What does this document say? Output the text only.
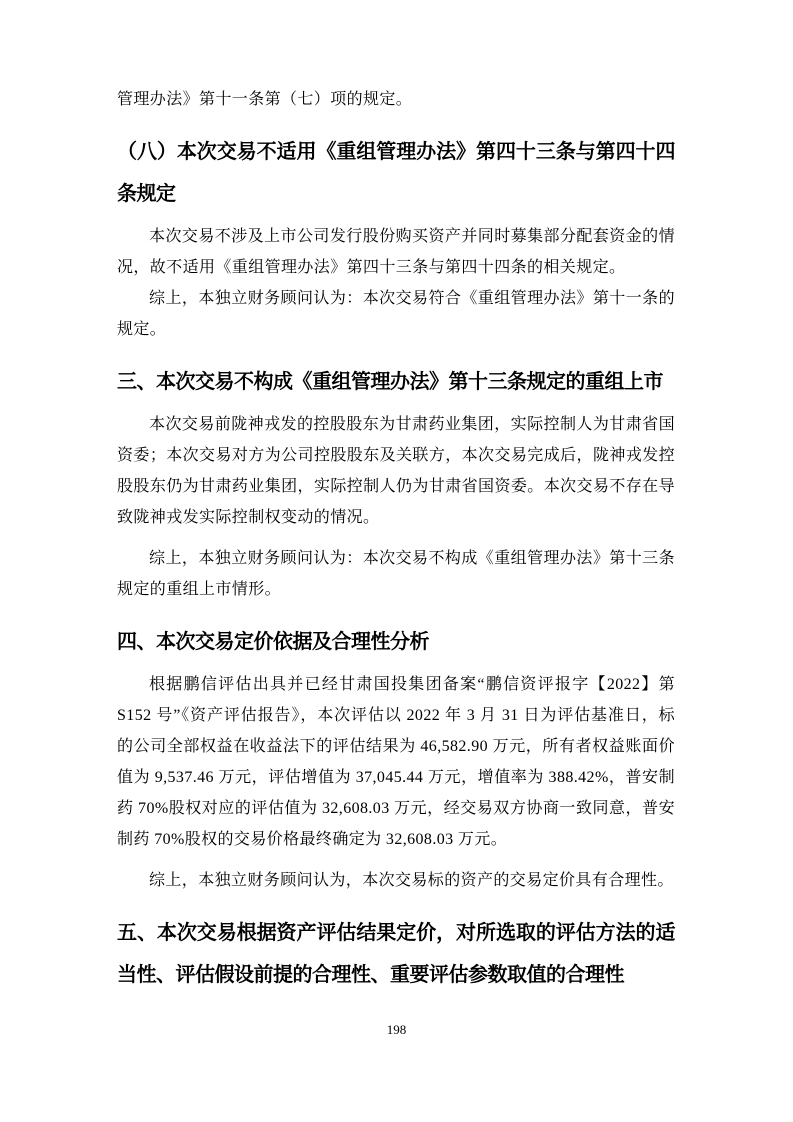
管理办法》第十一条第（七）项的规定。

（八）本次交易不适用《重组管理办法》第四十三条与第四十四条规定

本次交易不涉及上市公司发行股份购买资产并同时募集部分配套资金的情况，故不适用《重组管理办法》第四十三条与第四十四条的相关规定。

综上，本独立财务顾问认为：本次交易符合《重组管理办法》第十一条的规定。

三、本次交易不构成《重组管理办法》第十三条规定的重组上市

本次交易前陇神戎发的控股股东为甘肃药业集团，实际控制人为甘肃省国资委；本次交易对方为公司控股股东及关联方，本次交易完成后，陇神戎发控股股东仍为甘肃药业集团，实际控制人仍为甘肃省国资委。本次交易不存在导致陇神戎发实际控制权变动的情况。

综上，本独立财务顾问认为：本次交易不构成《重组管理办法》第十三条规定的重组上市情形。

四、本次交易定价依据及合理性分析

根据鹏信评估出具并已经甘肃国投集团备案“鹏信资评报字【2022】第 S152 号”《资产评估报告》，本次评估以 2022 年 3 月 31 日为评估基准日，标的公司全部权益在收益法下的评估结果为 46,582.90 万元，所有者权益账面价值为 9,537.46 万元，评估增值为 37,045.44 万元，增值率为 388.42%，普安制药 70%股权对应的评估值为 32,608.03 万元，经交易双方协商一致同意，普安制药 70%股权的交易价格最终确定为 32,608.03 万元。

综上，本独立财务顾问认为，本次交易标的资产的交易定价具有合理性。

五、本次交易根据资产评估结果定价，对所选取的评估方法的适当性、评估假设前提的合理性、重要评估参数取值的合理性
198
